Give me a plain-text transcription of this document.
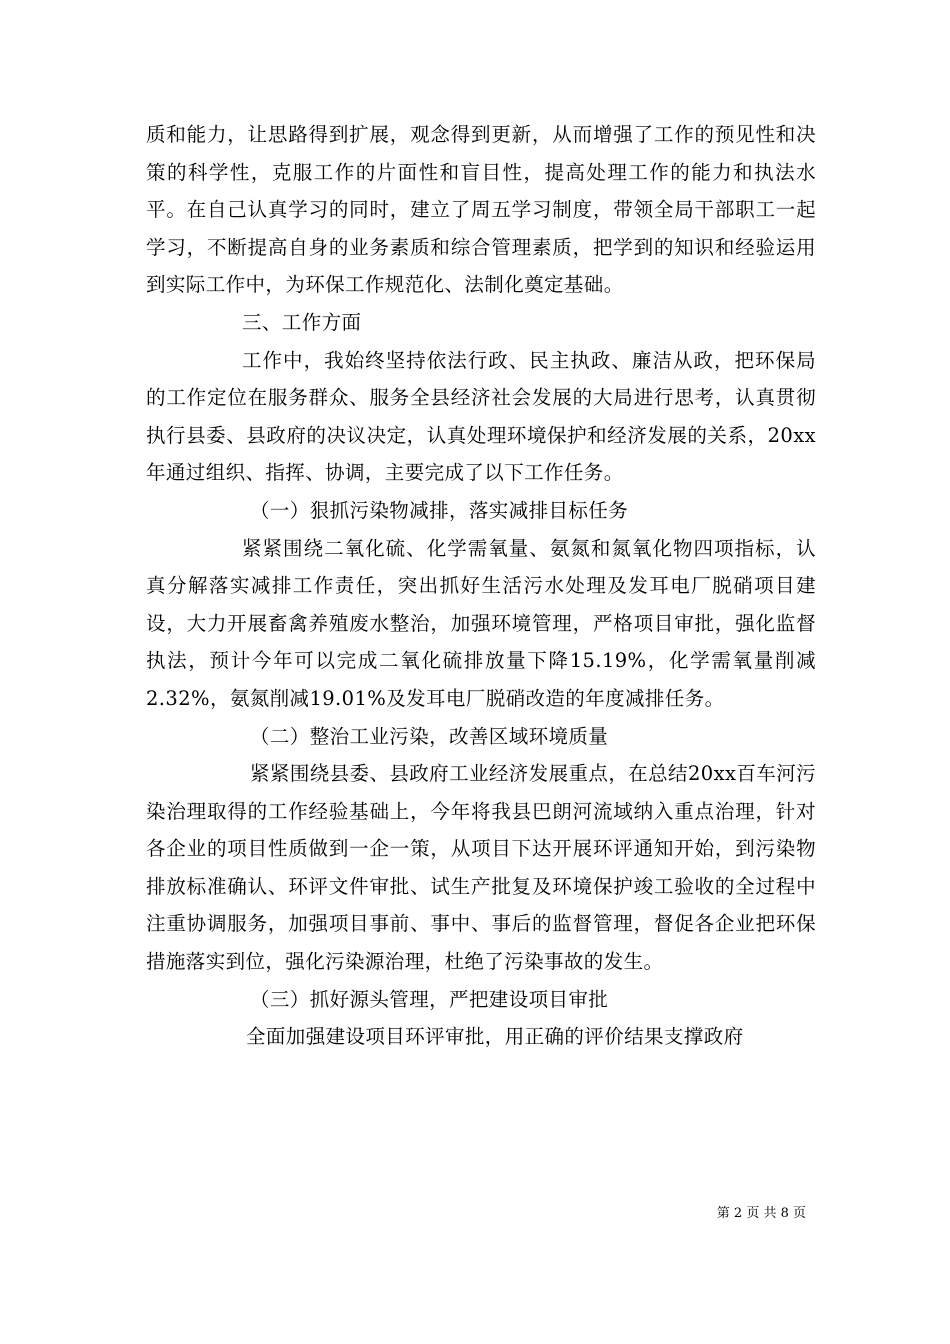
质和能力，让思路得到扩展，观念得到更新，从而增强了工作的预见性和决策的科学性，克服工作的片面性和盲目性，提高处理工作的能力和执法水平。在自己认真学习的同时，建立了周五学习制度，带领全局干部职工一起学习，不断提高自身的业务素质和综合管理素质，把学到的知识和经验运用到实际工作中，为环保工作规范化、法制化奠定基础。

三、工作方面

工作中，我始终坚持依法行政、民主执政、廉洁从政，把环保局的工作定位在服务群众、服务全县经济社会发展的大局进行思考，认真贯彻执行县委、县政府的决议决定，认真处理环境保护和经济发展的关系，20xx年通过组织、指挥、协调，主要完成了以下工作任务。

（一）狠抓污染物减排，落实减排目标任务

紧紧围绕二氧化硫、化学需氧量、氨氮和氮氧化物四项指标，认真分解落实减排工作责任，突出抓好生活污水处理及发耳电厂脱硝项目建设，大力开展畜禽养殖废水整治，加强环境管理，严格项目审批，强化监督执法，预计今年可以完成二氧化硫排放量下降15.19%，化学需氧量削减2.32%，氨氮削减19.01%及发耳电厂脱硝改造的年度减排任务。

（二）整治工业污染，改善区域环境质量

紧紧围绕县委、县政府工业经济发展重点，在总结20xx百车河污染治理取得的工作经验基础上，今年将我县巴朗河流域纳入重点治理，针对各企业的项目性质做到一企一策，从项目下达开展环评通知开始，到污染物排放标准确认、环评文件审批、试生产批复及环境保护竣工验收的全过程中注重协调服务，加强项目事前、事中、事后的监督管理，督促各企业把环保措施落实到位，强化污染源治理，杜绝了污染事故的发生。

（三）抓好源头管理，严把建设项目审批

全面加强建设项目环评审批，用正确的评价结果支撑政府

第 2 页 共 8 页
